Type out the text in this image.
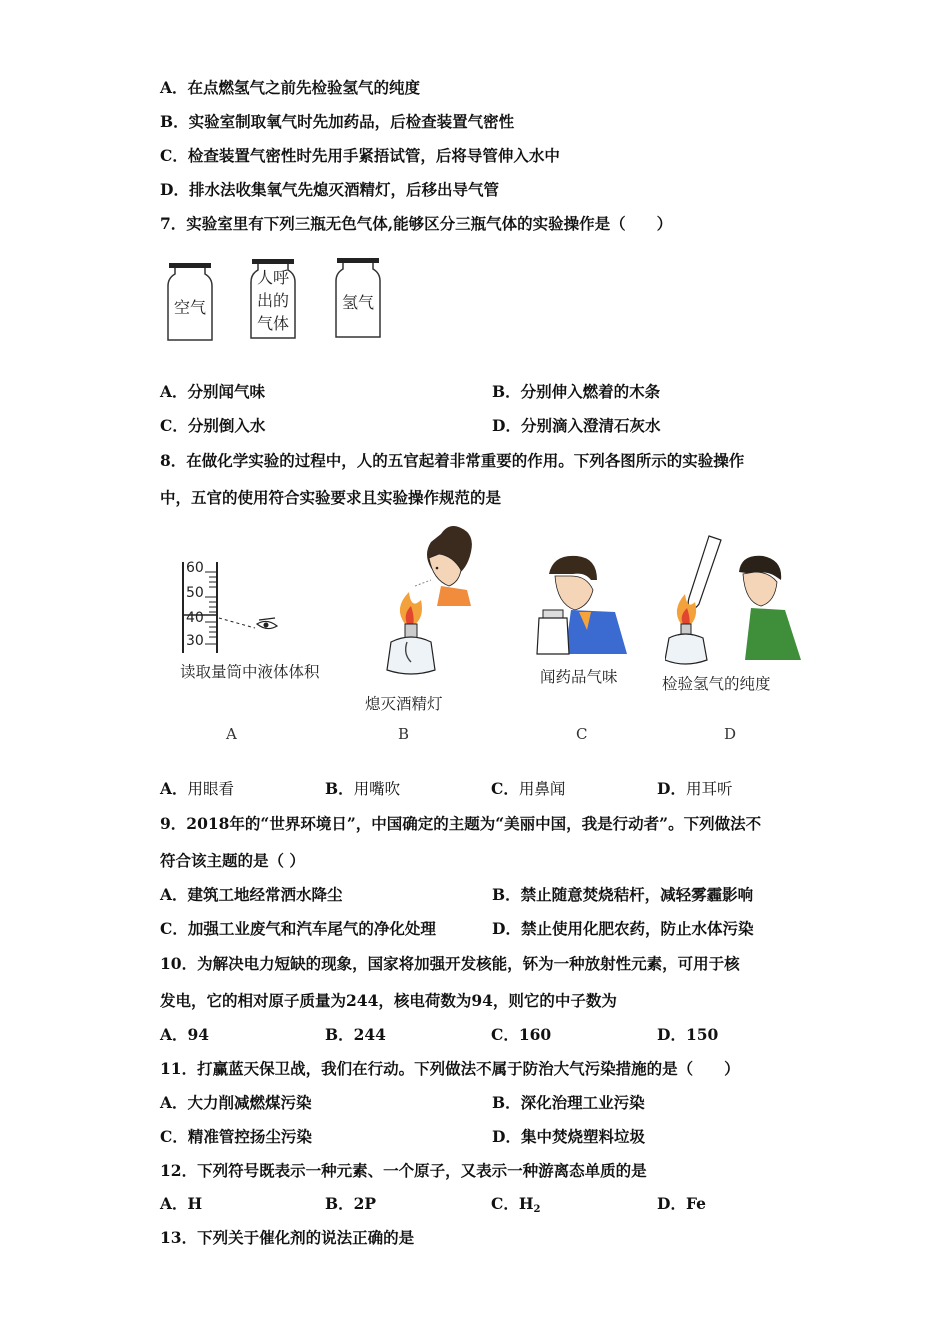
A．在点燃氢气之前先检验氢气的纯度
B．实验室制取氧气时先加药品，后检查装置气密性
C．检查装置气密性时先用手紧捂试管，后将导管伸入水中
D．排水法收集氧气先熄灭酒精灯，后移出导气管
7．实验室里有下列三瓶无色气体,能够区分三瓶气体的实验操作是（　　）
空气
人呼
出的
气体
氢气
A．分别闻气味	B．分别伸入燃着的木条
C．分别倒入水	D．分别滴入澄清石灰水
8．在做化学实验的过程中，人的五官起着非常重要的作用。下列各图所示的实验操作
中，五官的使用符合实验要求且实验操作规范的是
60
50
40
30
读取量筒中液体体积
熄灭酒精灯
闻药品气味	检验氢气的纯度
A	B	C	D
A．用眼看	B．用嘴吹	C．用鼻闻	D．用耳听
9．2018年的“世界环境日”，中国确定的主题为“美丽中国，我是行动者”。下列做法不
符合该主题的是（ ）
A．建筑工地经常洒水降尘	B．禁止随意焚烧秸杆，减轻雾霾影响
C．加强工业废气和汽车尾气的净化处理	D．禁止使用化肥农药，防止水体污染
10．为解决电力短缺的现象，国家将加强开发核能，钚为一种放射性元素，可用于核
发电，它的相对原子质量为244，核电荷数为94，则它的中子数为
A．94	B．244	C．160	D．150
11．打赢蓝天保卫战，我们在行动。下列做法不属于防治大气污染措施的是（　　）
A．大力削减燃煤污染	B．深化治理工业污染
C．精准管控扬尘污染	D．集中焚烧塑料垃圾
12．下列符号既表示一种元素、一个原子，又表示一种游离态单质的是
A．H	B．2P	C．$H_2$	D．Fe
13．下列关于催化剂的说法正确的是
